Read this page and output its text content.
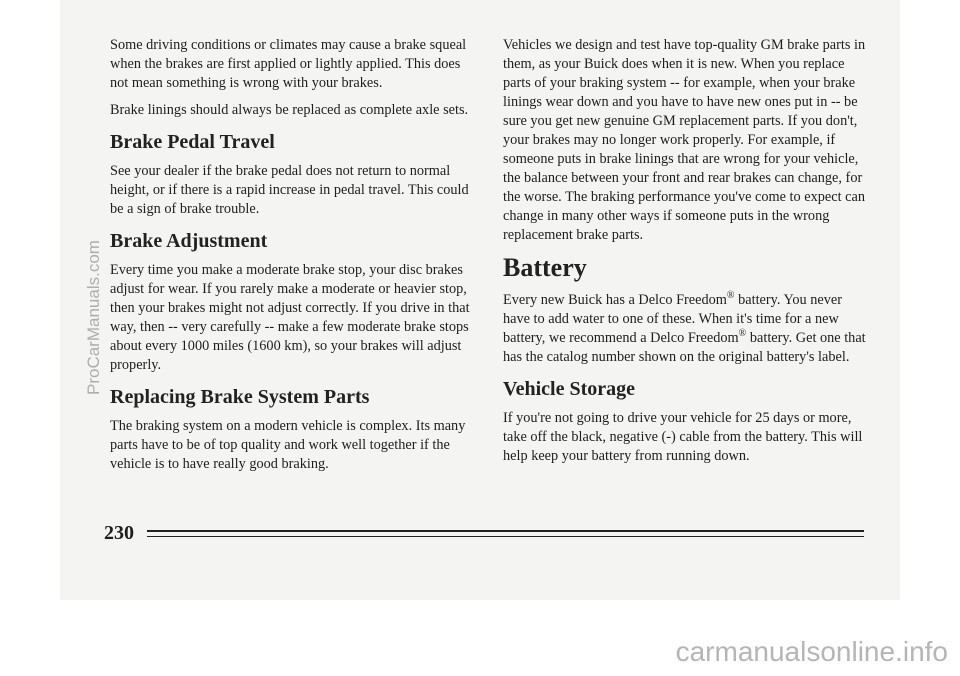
Some driving conditions or climates may cause a brake squeal when the brakes are first applied or lightly applied. This does not mean something is wrong with your brakes.

Brake linings should always be replaced as complete axle sets.

Brake Pedal Travel

See your dealer if the brake pedal does not return to normal height, or if there is a rapid increase in pedal travel. This could be a sign of brake trouble.

Brake Adjustment

Every time you make a moderate brake stop, your disc brakes adjust for wear. If you rarely make a moderate or heavier stop, then your brakes might not adjust correctly. If you drive in that way, then -- very carefully -- make a few moderate brake stops about every 1000 miles (1600 km), so your brakes will adjust properly.

Replacing Brake System Parts

The braking system on a modern vehicle is complex. Its many parts have to be of top quality and work well together if the vehicle is to have really good braking.

Vehicles we design and test have top-quality GM brake parts in them, as your Buick does when it is new. When you replace parts of your braking system -- for example, when your brake linings wear down and you have to have new ones put in -- be sure you get new genuine GM replacement parts. If you don't, your brakes may no longer work properly. For example, if someone puts in brake linings that are wrong for your vehicle, the balance between your front and rear brakes can change, for the worse. The braking performance you've come to expect can change in many other ways if someone puts in the wrong replacement brake parts.

Battery

Every new Buick has a Delco Freedom® battery. You never have to add water to one of these. When it's time for a new battery, we recommend a Delco Freedom® battery. Get one that has the catalog number shown on the original battery's label.

Vehicle Storage

If you're not going to drive your vehicle for 25 days or more, take off the black, negative (-) cable from the battery. This will help keep your battery from running down.

230
ProCarManuals.com
carmanualsonline.info
